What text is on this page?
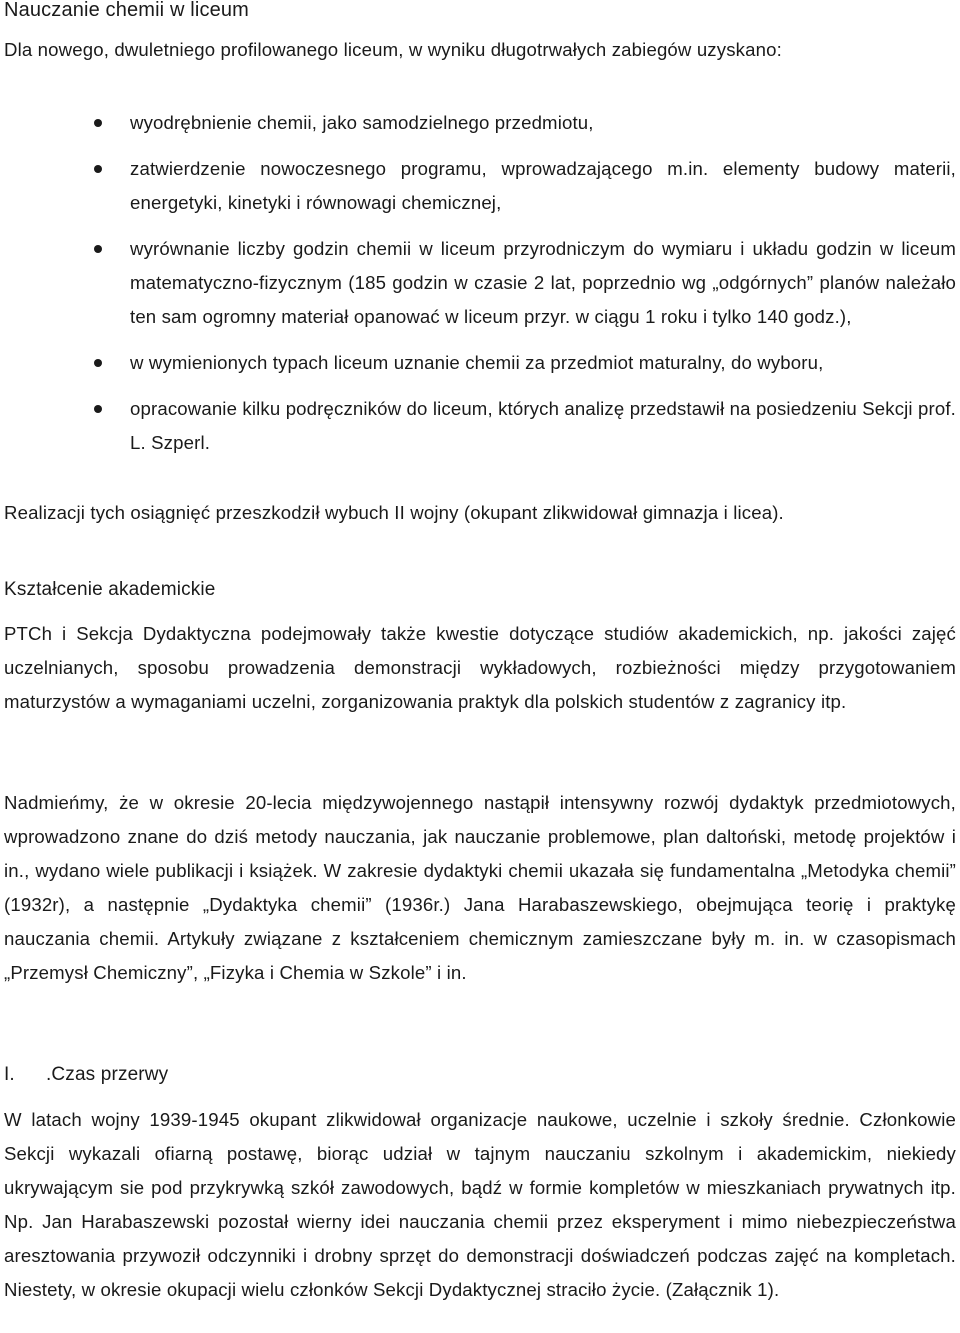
Nauczanie chemii w liceum

Dla nowego, dwuletniego profilowanego liceum, w wyniku długotrwałych zabiegów uzyskano:

wyodrębnienie chemii, jako samodzielnego przedmiotu,
zatwierdzenie nowoczesnego programu, wprowadzającego m.in. elementy budowy materii, energetyki, kinetyki i równowagi chemicznej,
wyrównanie liczby godzin chemii w liceum przyrodniczym do wymiaru i układu godzin w liceum matematyczno-fizycznym (185 godzin w czasie 2 lat, poprzednio wg „odgórnych” planów należało ten sam ogromny materiał opanować w liceum przyr. w ciągu 1 roku i tylko 140 godz.),
w wymienionych typach liceum uznanie chemii za przedmiot maturalny, do wyboru,
opracowanie kilku podręczników do liceum, których analizę przedstawił na posiedzeniu Sekcji prof. L. Szperl.

Realizacji tych osiągnięć przeszkodził wybuch II wojny (okupant zlikwidował gimnazja i licea).

Kształcenie akademickie

PTCh i Sekcja Dydaktyczna podejmowały także kwestie dotyczące studiów akademickich, np. jakości zajęć uczelnianych, sposobu prowadzenia demonstracji wykładowych, rozbieżności między przygotowaniem maturzystów a wymaganiami uczelni, zorganizowania praktyk dla polskich studentów z zagranicy itp.

Nadmieńmy, że w okresie 20-lecia międzywojennego nastąpił intensywny rozwój dydaktyk przedmiotowych, wprowadzono znane do dziś metody nauczania, jak nauczanie problemowe, plan daltoński, metodę projektów i in., wydano wiele publikacji i książek. W zakresie dydaktyki chemii ukazała się fundamentalna „Metodyka chemii” (1932r), a następnie „Dydaktyka chemii” (1936r.) Jana Harabaszewskiego, obejmująca teorię i praktykę nauczania chemii. Artykuły związane z kształceniem chemicznym zamieszczane były m. in. w czasopismach „Przemysł Chemiczny”, „Fizyka i Chemia w Szkole” i in.

I. .Czas przerwy

W latach wojny 1939-1945 okupant zlikwidował organizacje naukowe, uczelnie i szkoły średnie. Członkowie Sekcji wykazali ofiarną postawę, biorąc udział w tajnym nauczaniu szkolnym i akademickim, niekiedy ukrywającym sie pod przykrywką szkół zawodowych, bądź w formie kompletów w mieszkaniach prywatnych itp. Np. Jan Harabaszewski pozostał wierny idei nauczania chemii przez eksperyment i mimo niebezpieczeństwa aresztowania przywoził odczynniki i drobny sprzęt do demonstracji doświadczeń podczas zajęć na kompletach. Niestety, w okresie okupacji wielu członków Sekcji Dydaktycznej straciło życie. (Załącznik 1).
